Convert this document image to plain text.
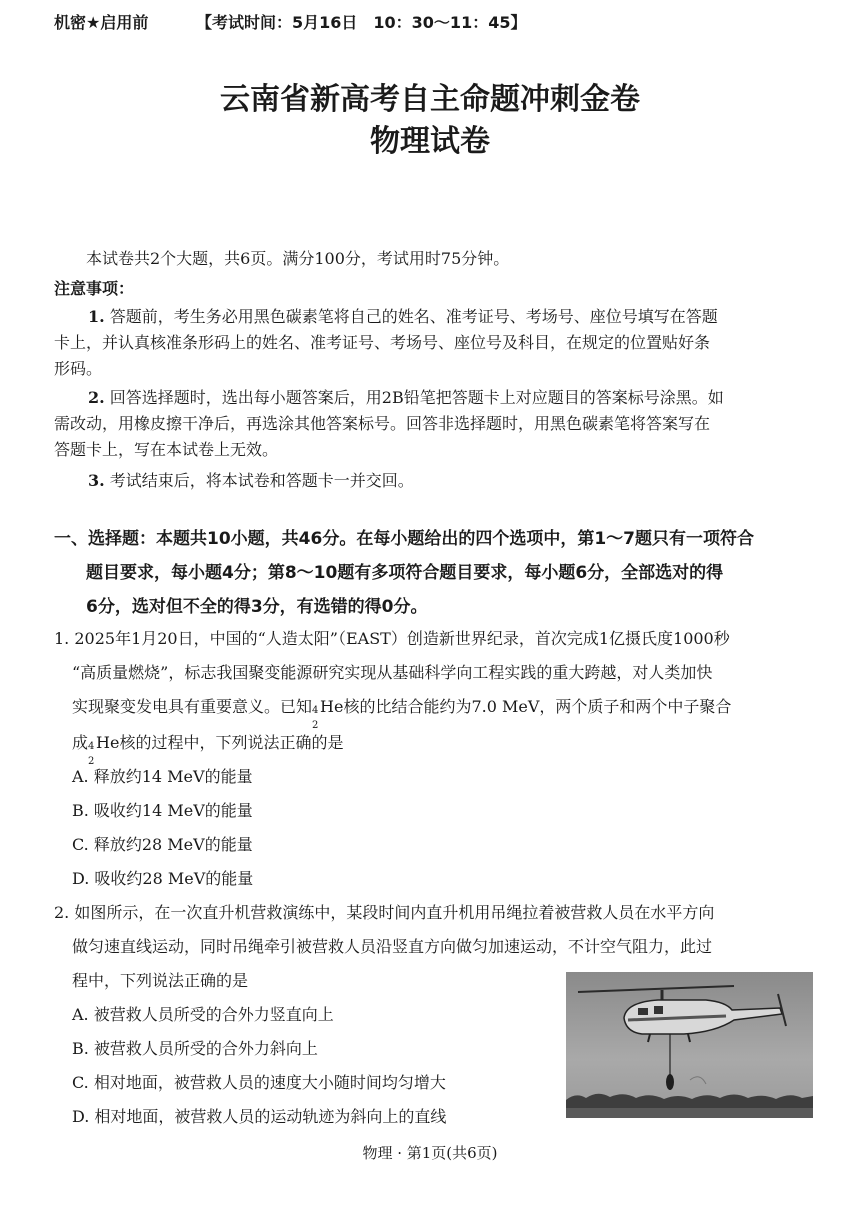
机密★启用前	【考试时间：5月16日　10：30～11：45】
云南省新高考自主命题冲刺金卷
物理试卷
本试卷共2个大题，共6页。满分100分，考试用时75分钟。
注意事项：
1. 答题前，考生务必用黑色碳素笔将自己的姓名、准考证号、考场号、座位号填写在答题
卡上，并认真核准条形码上的姓名、准考证号、考场号、座位号及科目，在规定的位置贴好条
形码。
2. 回答选择题时，选出每小题答案后，用2B铅笔把答题卡上对应题目的答案标号涂黑。如
需改动，用橡皮擦干净后，再选涂其他答案标号。回答非选择题时，用黑色碳素笔将答案写在
答题卡上，写在本试卷上无效。
3. 考试结束后，将本试卷和答题卡一并交回。
一、选择题：本题共10小题，共46分。在每小题给出的四个选项中，第1～7题只有一项符合
题目要求，每小题4分；第8～10题有多项符合题目要求，每小题6分，全部选对的得
6分，选对但不全的得3分，有选错的得0分。
1. 2025年1月20日，中国的“人造太阳”（EAST）创造新世界纪录，首次完成1亿摄氏度1000秒
“高质量燃烧”，标志我国聚变能源研究实现从基础科学向工程实践的重大跨越，对人类加快
实现聚变发电具有重要意义。已知 4
2
He核的比结合能约为7.0 MeV，两个质子和两个中子聚合
成 4
2
He核的过程中，下列说法正确的是
A. 释放约14 MeV的能量
B. 吸收约14 MeV的能量
C. 释放约28 MeV的能量
D. 吸收约28 MeV的能量
2. 如图所示，在一次直升机营救演练中，某段时间内直升机用吊绳拉着被营救人员在水平方向
做匀速直线运动，同时吊绳牵引被营救人员沿竖直方向做匀加速运动，不计空气阻力，此过
程中，下列说法正确的是
A. 被营救人员所受的合外力竖直向上
B. 被营救人员所受的合外力斜向上
C. 相对地面，被营救人员的速度大小随时间均匀增大
D. 相对地面，被营救人员的运动轨迹为斜向上的直线
物理 · 第1页(共6页)
